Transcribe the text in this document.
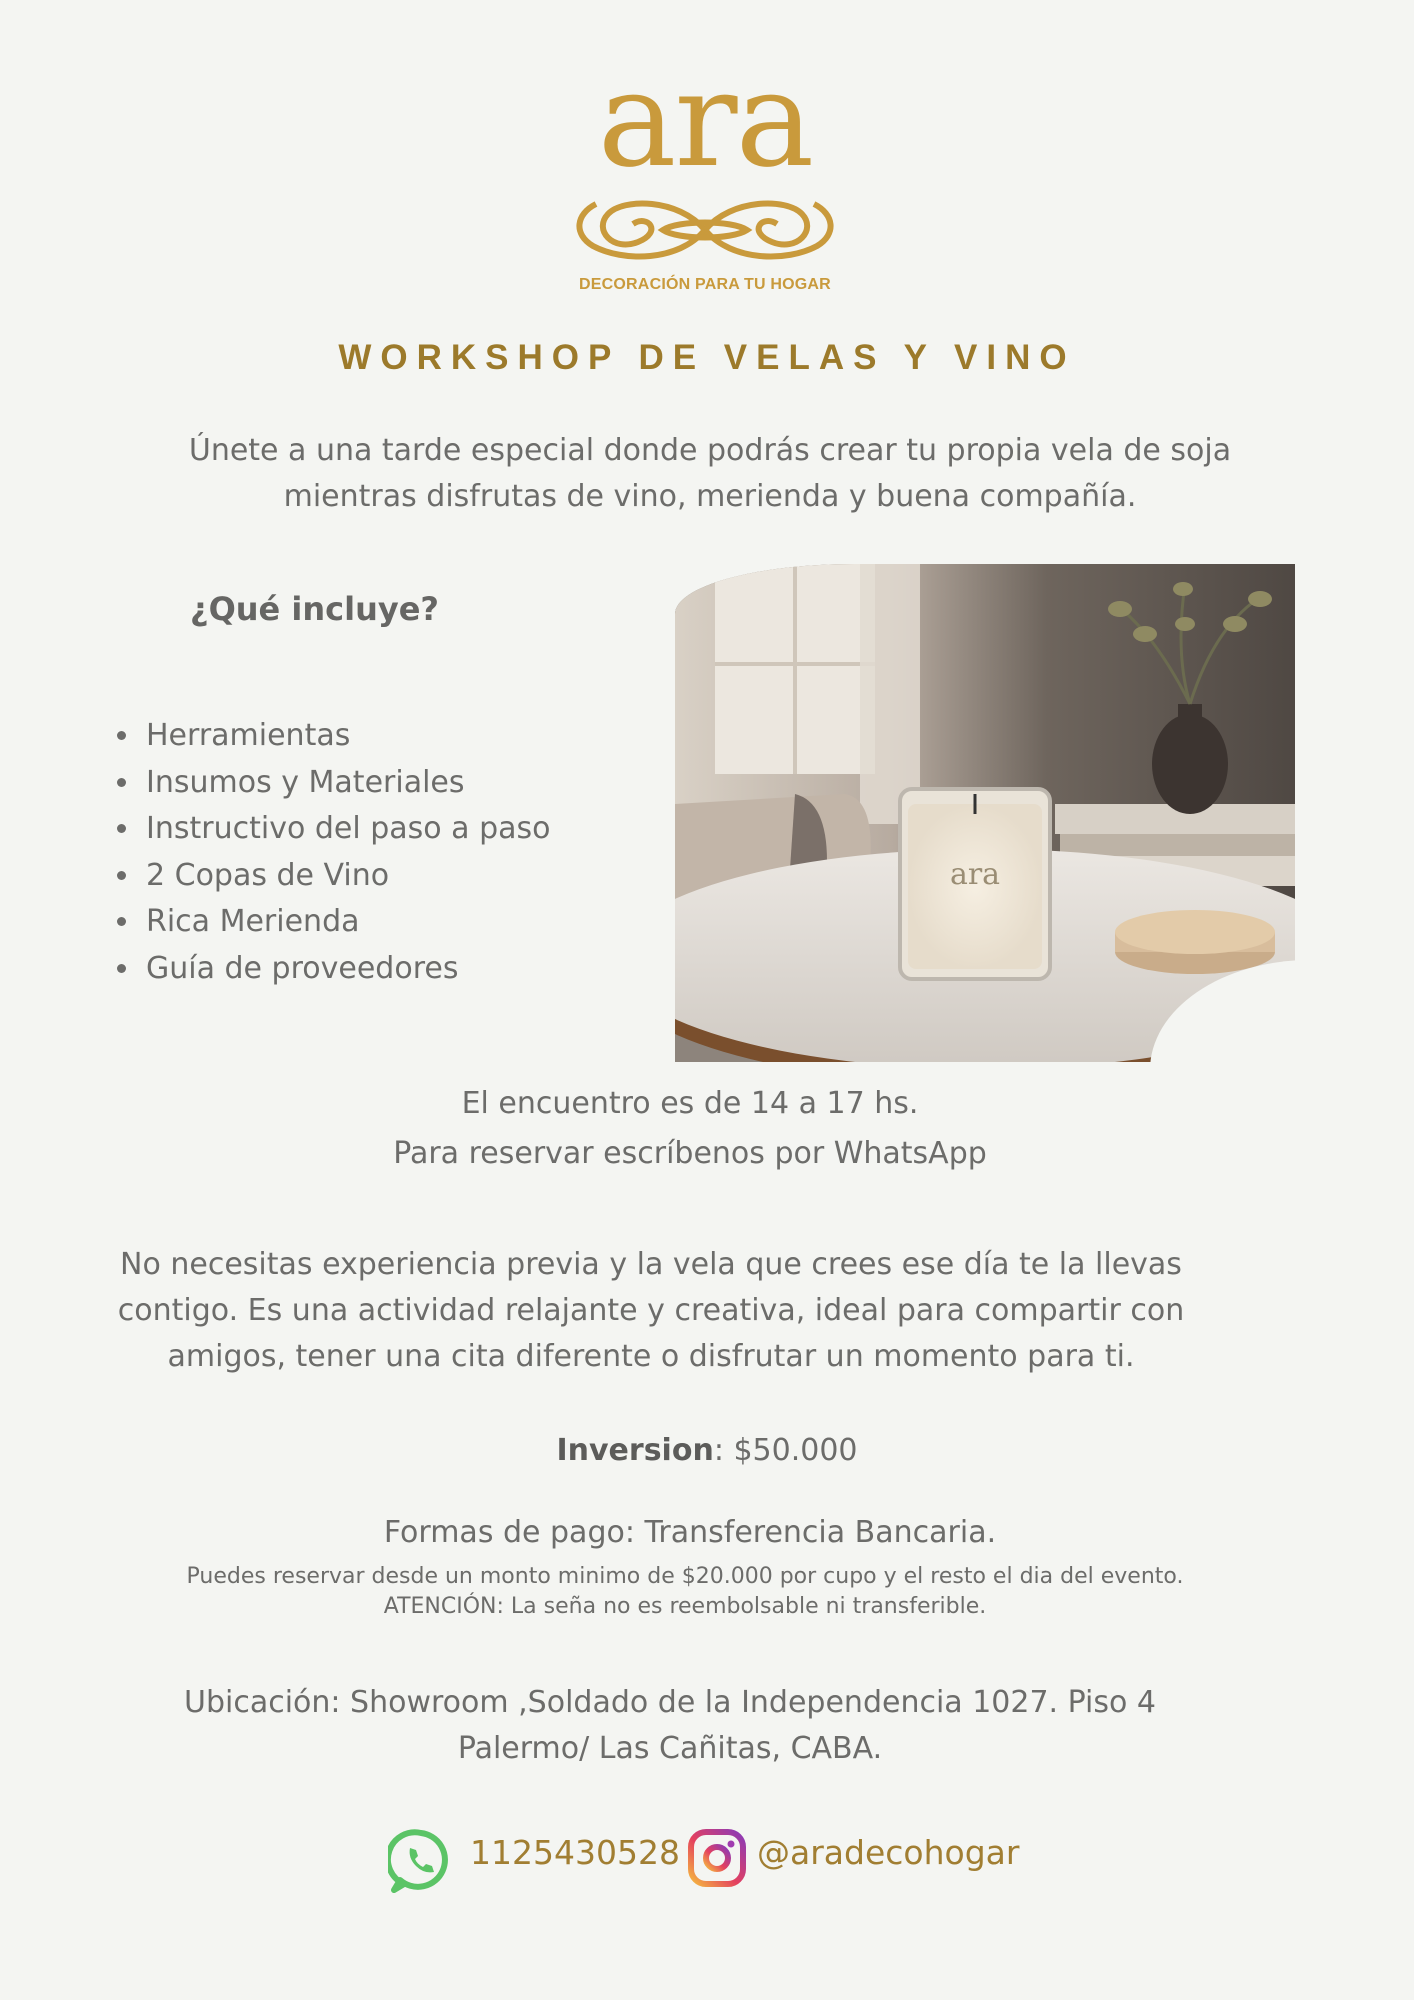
ara
DECORACIÓN PARA TU HOGAR
WORKSHOP DE VELAS Y VINO
Únete a una tarde especial donde podrás crear tu propia vela de soja
mientras disfrutas de vino, merienda y buena compañía.
¿Qué incluye?
• Herramientas
• Insumos y Materiales
• Instructivo del paso a paso
• 2 Copas de Vino
• Rica Merienda
• Guía de proveedores
ara
El encuentro es de 14 a 17 hs.
Para reservar escríbenos por WhatsApp
No necesitas experiencia previa y la vela que crees ese día te la llevas
contigo. Es una actividad relajante y creativa, ideal para compartir con
amigos, tener una cita diferente o disfrutar un momento para ti.
Inversion: $50.000
Formas de pago: Transferencia Bancaria.
Puedes reservar desde un monto minimo de $20.000 por cupo y el resto el dia del evento.
ATENCIÓN: La seña no es reembolsable ni transferible.
Ubicación: Showroom ,Soldado de la Independencia 1027. Piso 4
Palermo/ Las Cañitas, CABA.
1125430528 @aradecohogar
